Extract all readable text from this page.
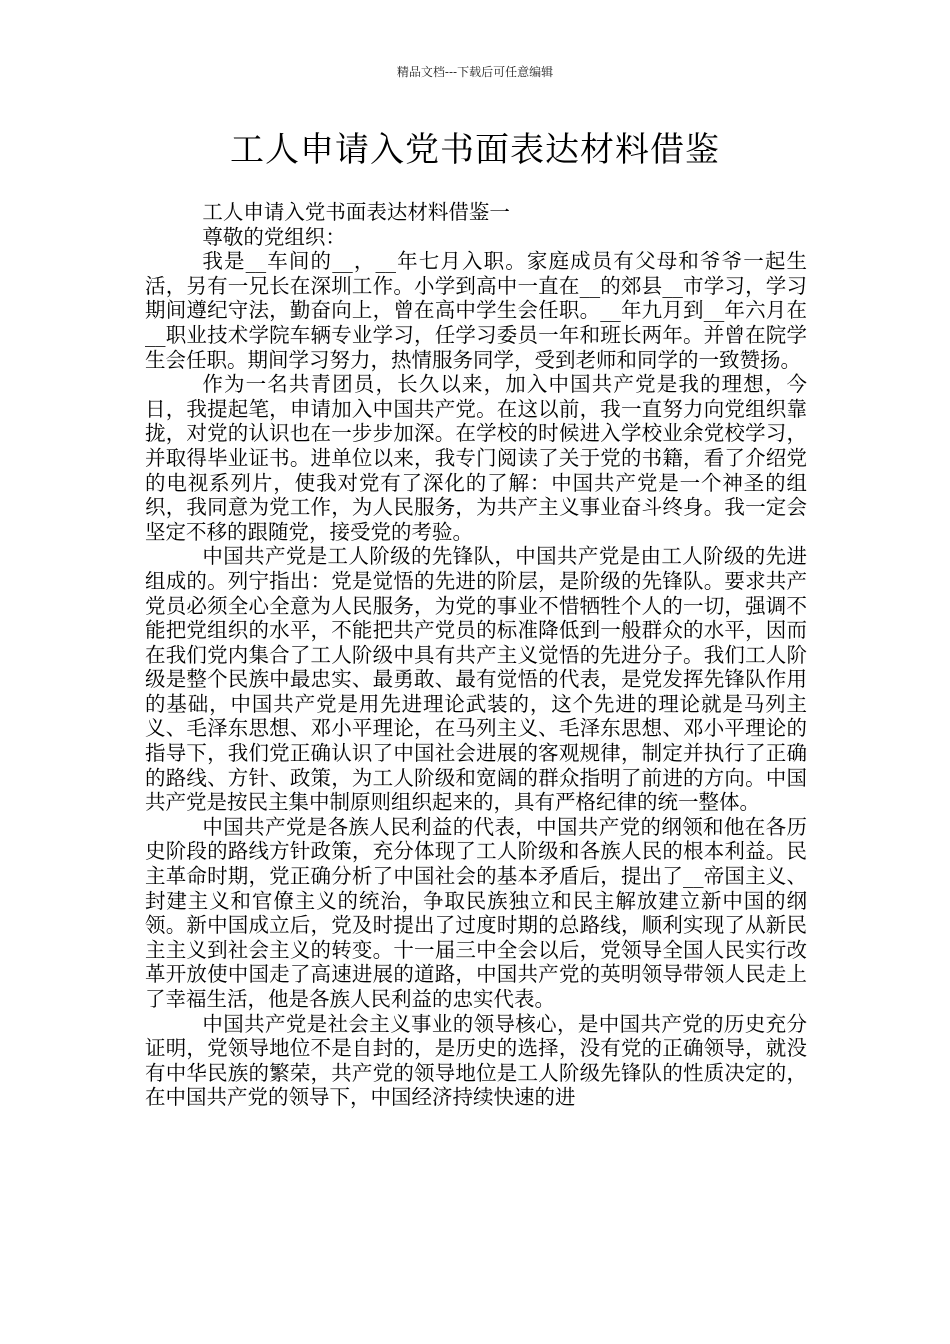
精品文档---下载后可任意编辑
工人申请入党书面表达材料借鉴

工人申请入党书面表达材料借鉴一

尊敬的党组织：

我是__车间的__，__年七月入职。家庭成员有父母和爷爷一起生活，另有一兄长在深圳工作。小学到高中一直在__的郊县__市学习，学习期间遵纪守法，勤奋向上，曾在高中学生会任职。__年九月到__年六月在__职业技术学院车辆专业学习，任学习委员一年和班长两年。并曾在院学生会任职。期间学习努力，热情服务同学，受到老师和同学的一致赞扬。

作为一名共青团员，长久以来，加入中国共产党是我的理想，今日，我提起笔，申请加入中国共产党。在这以前，我一直努力向党组织靠拢，对党的认识也在一步步加深。在学校的时候进入学校业余党校学习，并取得毕业证书。进单位以来，我专门阅读了关于党的书籍，看了介绍党的电视系列片，使我对党有了深化的了解：中国共产党是一个神圣的组织，我同意为党工作，为人民服务，为共产主义事业奋斗终身。我一定会坚定不移的跟随党，接受党的考验。

中国共产党是工人阶级的先锋队，中国共产党是由工人阶级的先进组成的。列宁指出：党是觉悟的先进的阶层，是阶级的先锋队。要求共产党员必须全心全意为人民服务，为党的事业不惜牺牲个人的一切，强调不能把党组织的水平，不能把共产党员的标准降低到一般群众的水平，因而在我们党内集合了工人阶级中具有共产主义觉悟的先进分子。我们工人阶级是整个民族中最忠实、最勇敢、最有觉悟的代表，是党发挥先锋队作用的基础，中国共产党是用先进理论武装的，这个先进的理论就是马列主义、毛泽东思想、邓小平理论，在马列主义、毛泽东思想、邓小平理论的指导下，我们党正确认识了中国社会进展的客观规律，制定并执行了正确的路线、方针、政策，为工人阶级和宽阔的群众指明了前进的方向。中国共产党是按民主集中制原则组织起来的，具有严格纪律的统一整体。

中国共产党是各族人民利益的代表，中国共产党的纲领和他在各历史阶段的路线方针政策，充分体现了工人阶级和各族人民的根本利益。民主革命时期，党正确分析了中国社会的基本矛盾后，提出了__帝国主义、封建主义和官僚主义的统治，争取民族独立和民主解放建立新中国的纲领。新中国成立后，党及时提出了过度时期的总路线，顺利实现了从新民主主义到社会主义的转变。十一届三中全会以后，党领导全国人民实行改革开放使中国走了高速进展的道路，中国共产党的英明领导带领人民走上了幸福生活，他是各族人民利益的忠实代表。

中国共产党是社会主义事业的领导核心，是中国共产党的历史充分证明，党领导地位不是自封的，是历史的选择，没有党的正确领导，就没有中华民族的繁荣，共产党的领导地位是工人阶级先锋队的性质决定的，在中国共产党的领导下，中国经济持续快速的进
